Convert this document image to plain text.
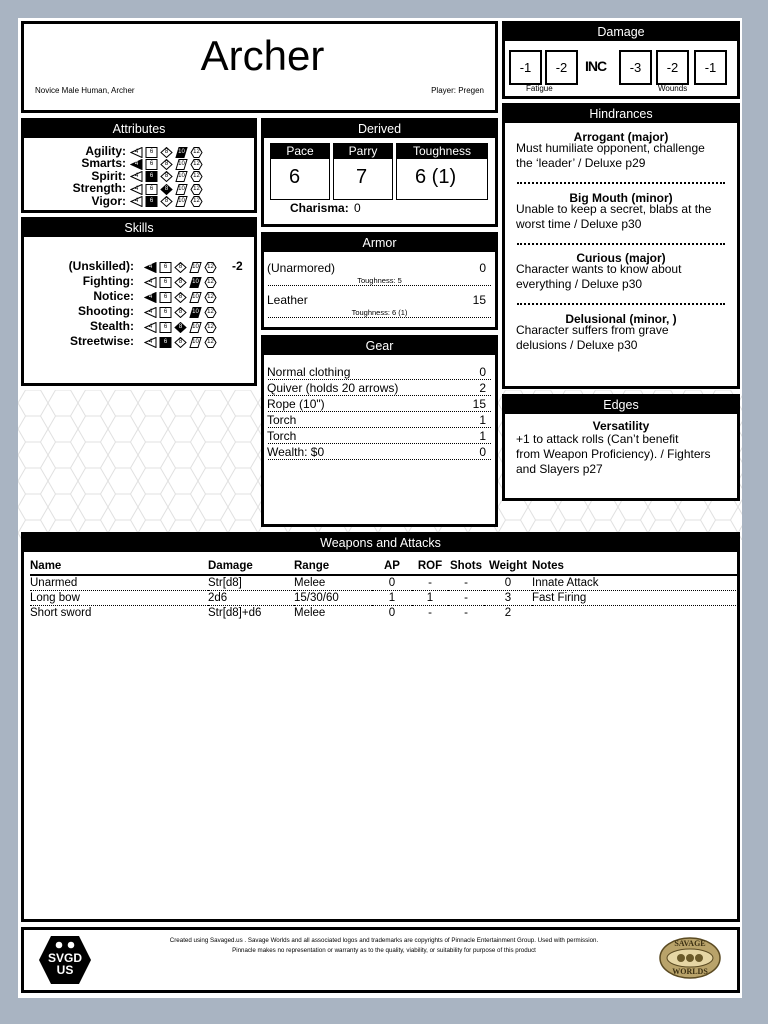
Archer
Novice Male Human, Archer	Player: Pregen
Damage
-1	-2	INC	-3	-2	-1
Fatigue	Wounds
Attributes
Agility:	4	6	8	10	12
Smarts:	4	6	8	10	12
Spirit:	4	6	8	10	12
Strength:	4	6	8	10	12
Vigor:	4	6	8	10	12
Derived
Pace
6
Parry
7
Toughness
6 (1)
Charisma: 0
Skills
(Unskilled):	4	6	8	10	12 -2
Fighting:	4	6	8	10	12
Notice:	4	6	8	10	12
Shooting:	4	6	8	10	12
Stealth:	4	6	8	10	12
Streetwise:	4	6	8	10	12
Armor
(Unarmored)	0
Toughness: 5
Leather	15
Toughness: 6 (1)
Gear
Normal clothing	0
Quiver (holds 20 arrows)	2
Rope (10")	15
Torch	1
Torch	1
Wealth: $0	0
Hindrances
Arrogant (major)
Must humiliate opponent, challenge
the ‘leader’ / Deluxe p29
Big Mouth (minor)
Unable to keep a secret, blabs at the
worst time / Deluxe p30
Curious (major)
Character wants to know about
everything / Deluxe p30
Delusional (minor, )
Character suffers from grave
delusions / Deluxe p30
Edges
Versatility
+1 to attack rolls (Can’t benefit
from Weapon Proficiency). / Fighters
and Slayers p27
Weapons and Attacks
Name	Damage	Range	AP	ROF	Shots	Weight	Notes
Unarmed	Str[d8]	Melee	0	-	-	0	Innate Attack
Long bow	2d6	15/30/60	1	1	-	3	Fast Firing
Short sword	Str[d8]+d6	Melee	0	-	-	2	
SVGD
US
Created using Savaged.us . Savage Worlds and all associated logos and trademarks are copyrights of Pinnacle Entertainment Group. Used with permission.
Pinnacle makes no representation or warranty as to the quality, viability, or suitability for purpose of this product
SAVAGE
WORLDS
